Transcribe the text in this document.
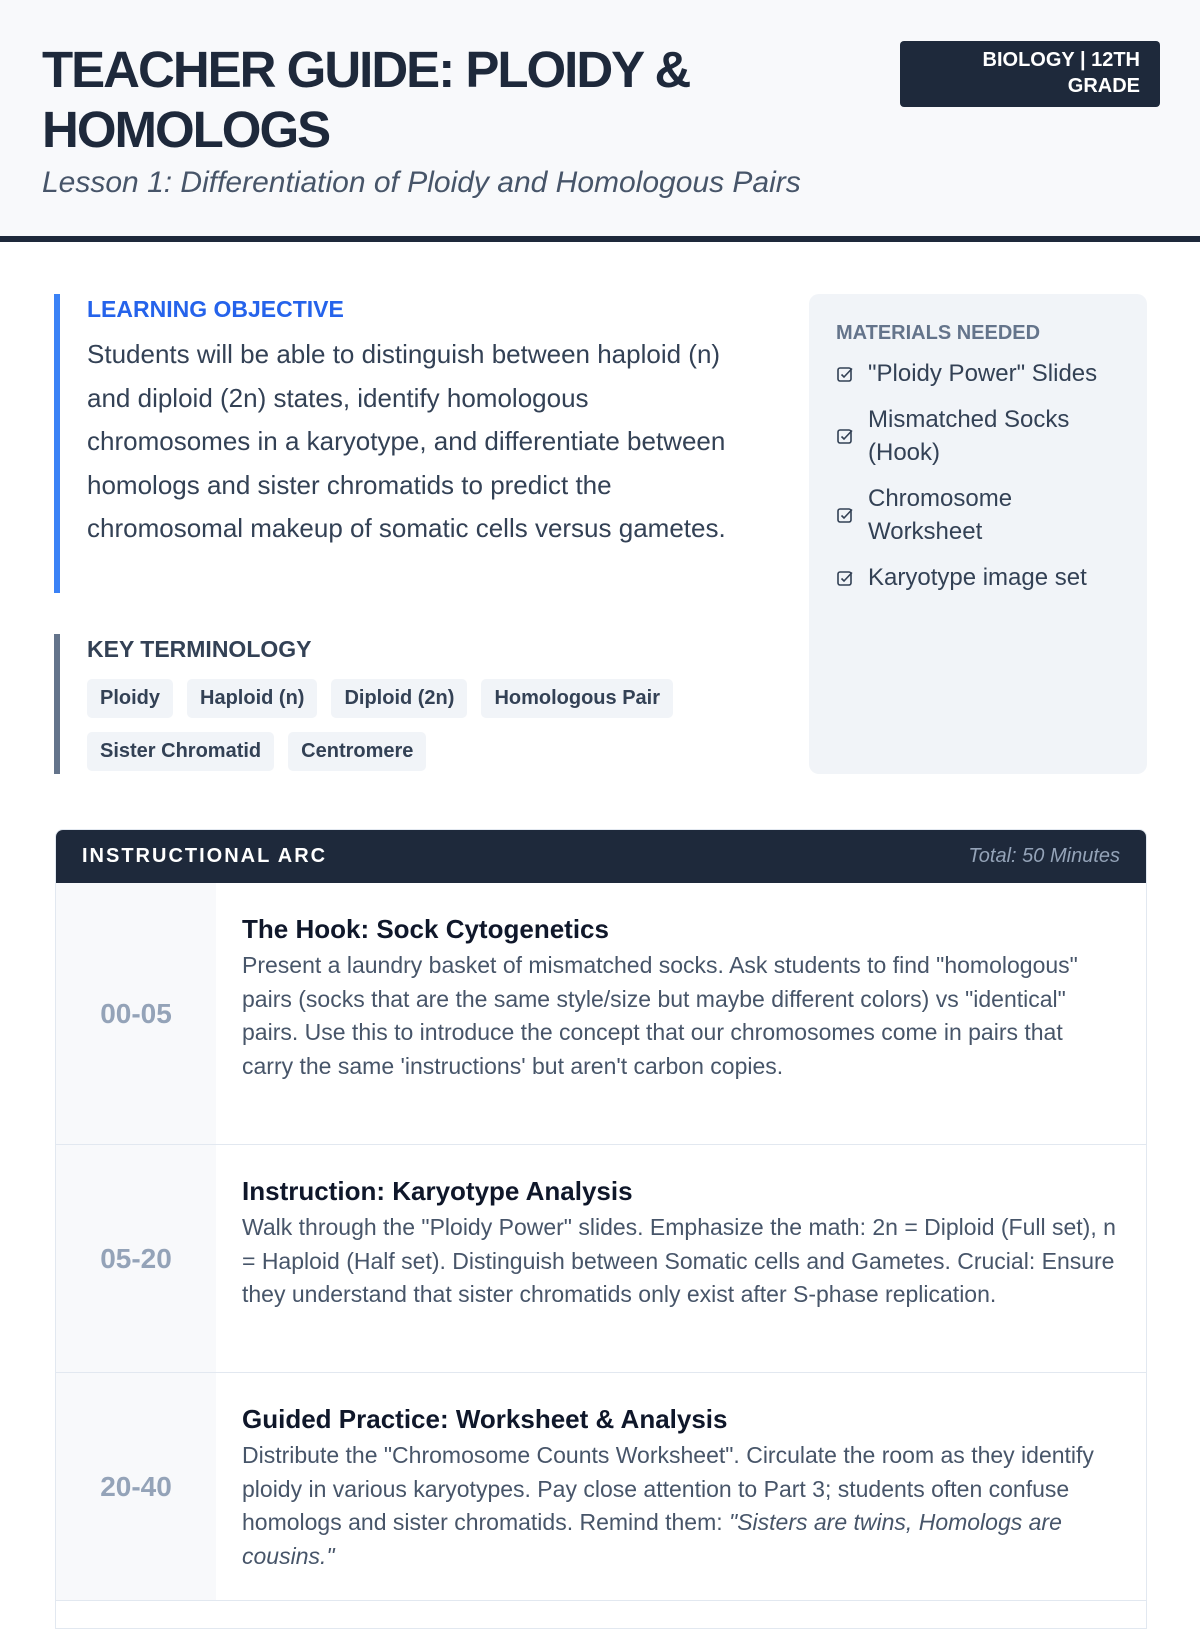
TEACHER GUIDE: PLOIDY & HOMOLOGS
Lesson 1: Differentiation of Ploidy and Homologous Pairs
BIOLOGY | 12TH GRADE
LEARNING OBJECTIVE

Students will be able to distinguish between haploid (n) and diploid (2n) states, identify homologous chromosomes in a karyotype, and differentiate between homologs and sister chromatids to predict the chromosomal makeup of somatic cells versus gametes.

KEY TERMINOLOGY
Ploidy	Haploid (n)	Diploid (2n)	Homologous Pair
Sister Chromatid	Centromere
MATERIALS NEEDED
"Ploidy Power" Slides
Mismatched Socks (Hook)
Chromosome Worksheet
Karyotype image set
INSTRUCTIONAL ARC	Total: 50 Minutes
00-05
The Hook: Sock Cytogenetics

Present a laundry basket of mismatched socks. Ask students to find "homologous" pairs (socks that are the same style/size but maybe different colors) vs "identical" pairs. Use this to introduce the concept that our chromosomes come in pairs that carry the same 'instructions' but aren't carbon copies.

05-20
Instruction: Karyotype Analysis

Walk through the "Ploidy Power" slides. Emphasize the math: 2n = Diploid (Full set), n = Haploid (Half set). Distinguish between Somatic cells and Gametes. Crucial: Ensure they understand that sister chromatids only exist after S-phase replication.

20-40
Guided Practice: Worksheet & Analysis

Distribute the "Chromosome Counts Worksheet". Circulate the room as they identify ploidy in various karyotypes. Pay close attention to Part 3; students often confuse homologs and sister chromatids. Remind them: "Sisters are twins, Homologs are cousins."
